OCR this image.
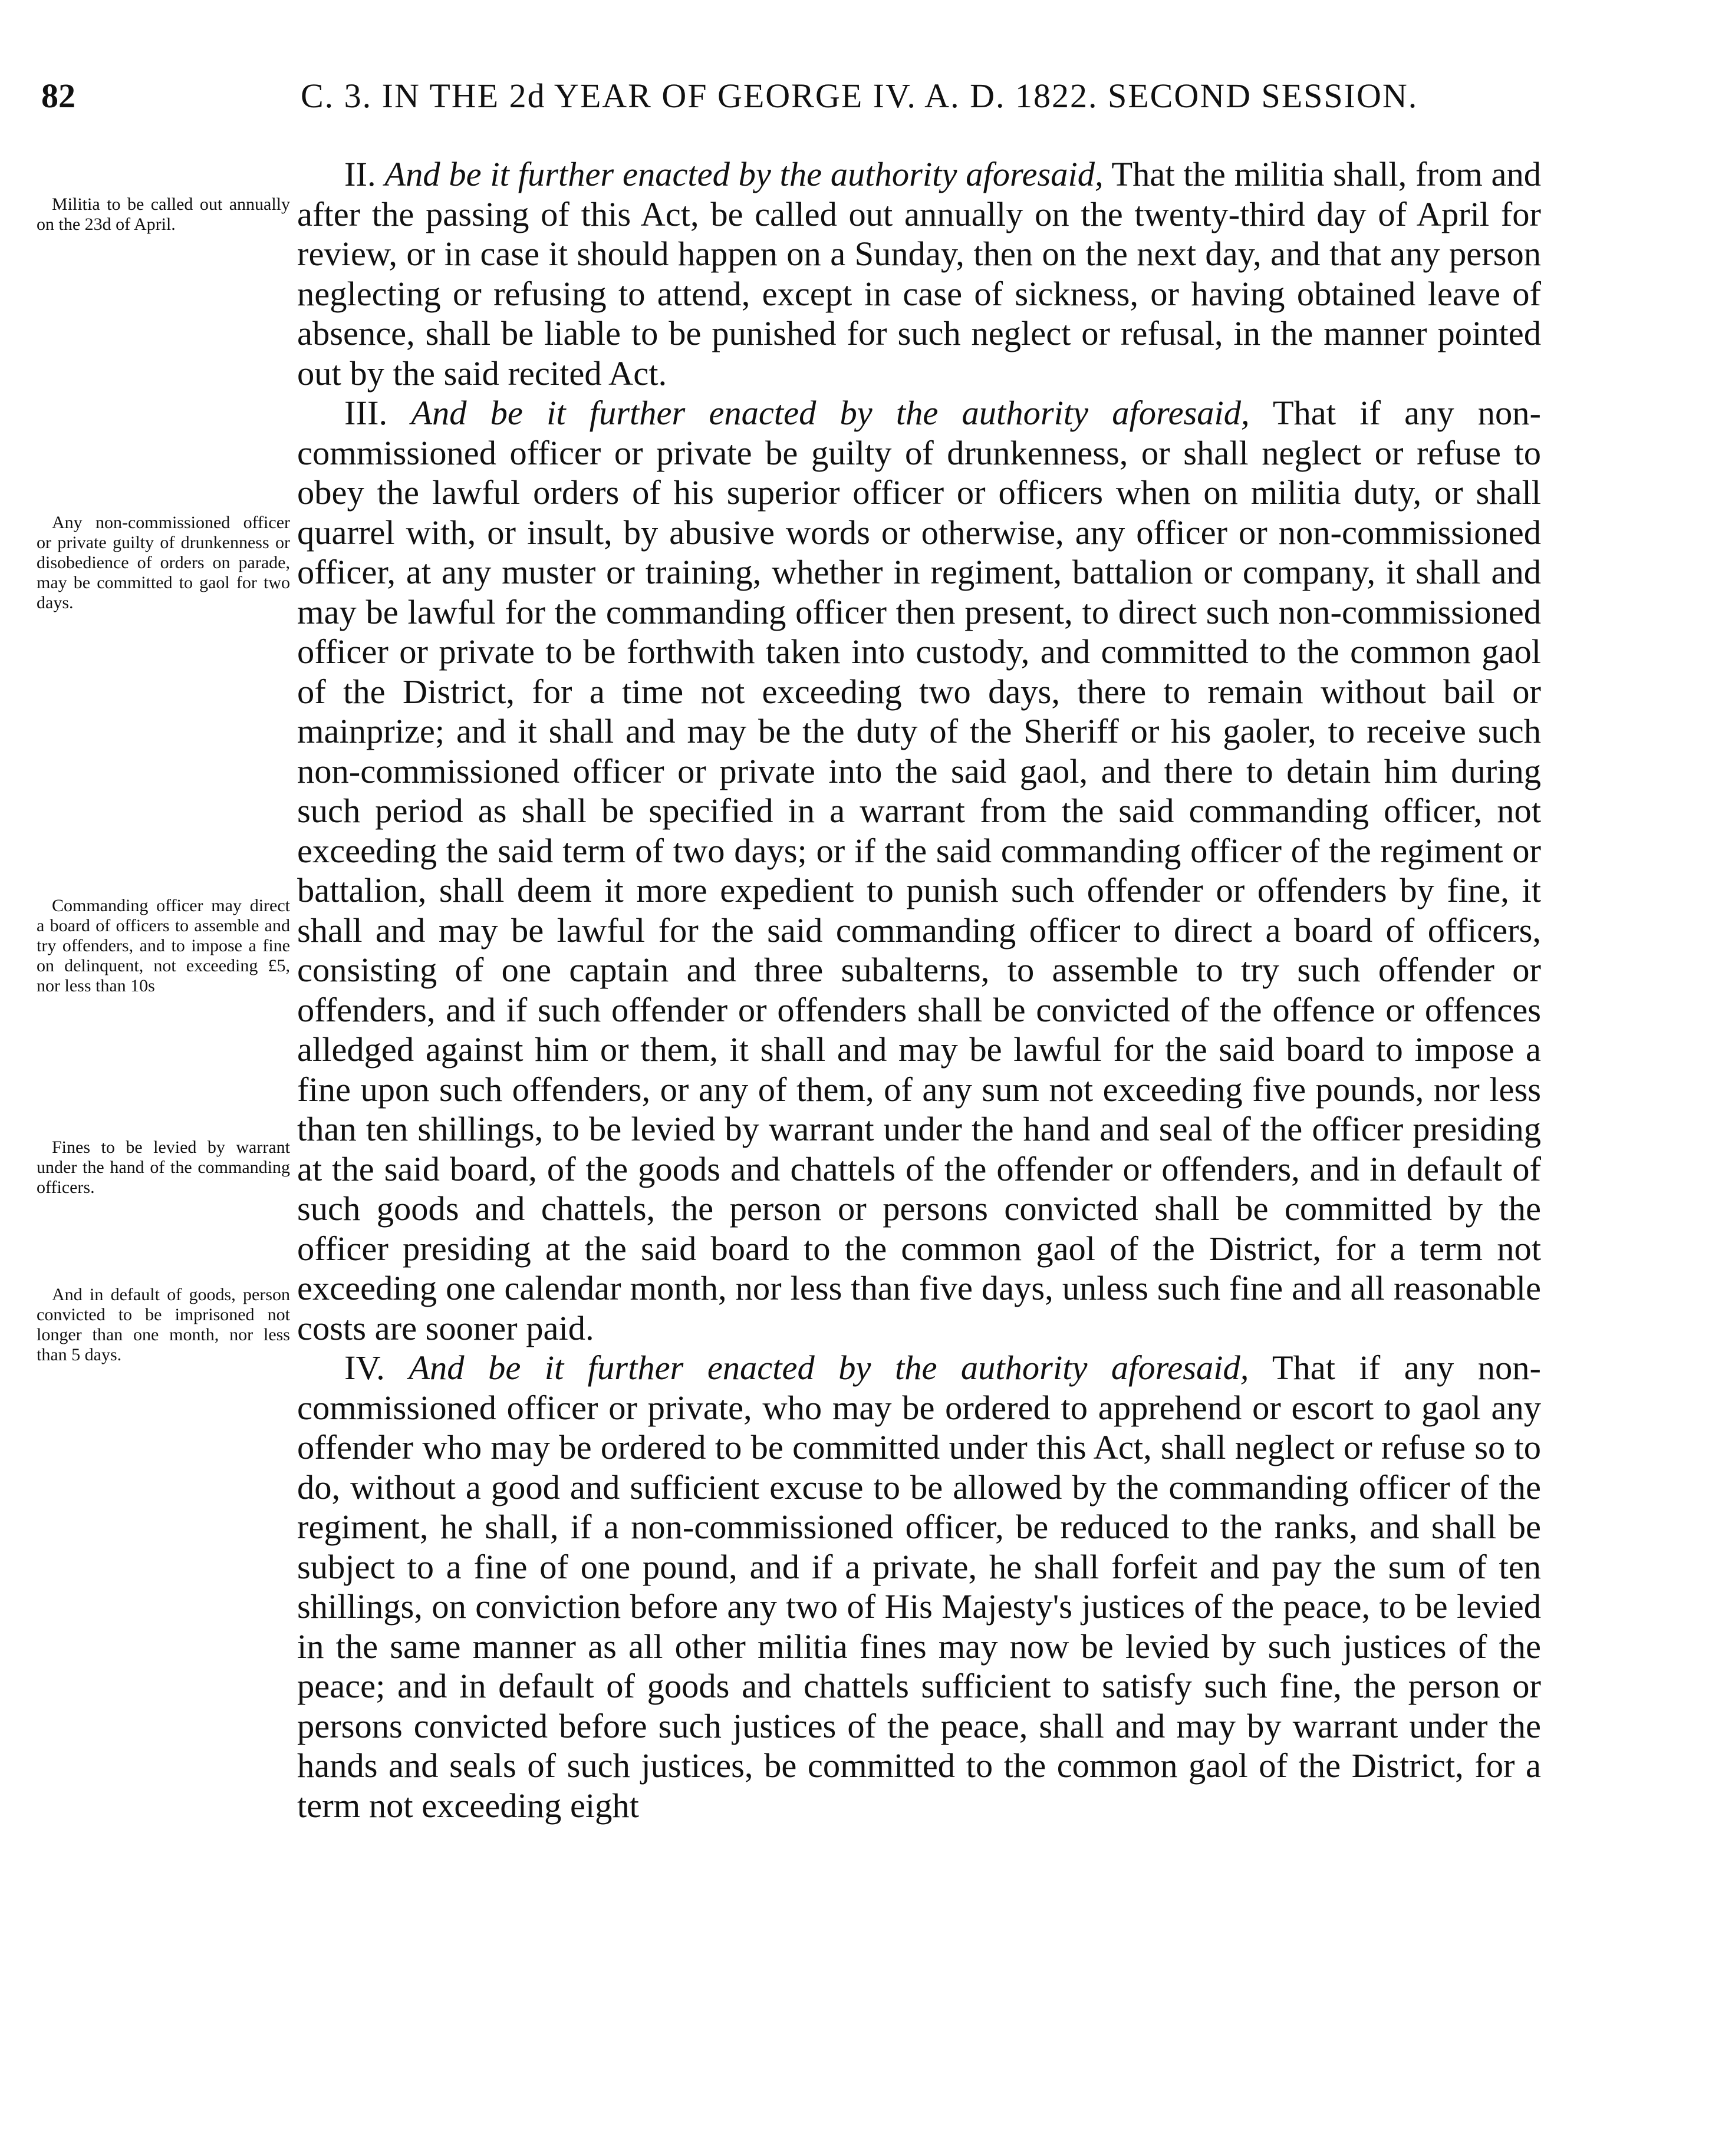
82	C. 3. IN THE 2d YEAR OF GEORGE IV. A. D. 1822. SECOND SESSION.
Militia to be called out annually on the 23d of April.
Any non-commissioned officer or private guilty of drunkenness or disobedience of orders on parade, may be committed to gaol for two days.
Commanding officer may direct a board of officers to assemble and try offenders, and to impose a fine on delinquent, not exceeding £5, nor less than 10s
Fines to be levied by warrant under the hand of the commanding officers.
And in default of goods, person convicted to be imprisoned not longer than one month, nor less than 5 days.

II. And be it further enacted by the authority aforesaid, That the militia shall, from and after the passing of this Act, be called out annually on the twenty-third day of April for review, or in case it should happen on a Sunday, then on the next day, and that any person neglecting or refusing to attend, except in case of sickness, or having obtained leave of absence, shall be liable to be punished for such neglect or refusal, in the manner pointed out by the said recited Act.

III. And be it further enacted by the authority aforesaid, That if any non-commissioned officer or private be guilty of drunkenness, or shall neglect or refuse to obey the lawful orders of his superior officer or officers when on militia duty, or shall quarrel with, or insult, by abusive words or otherwise, any officer or non-commissioned officer, at any muster or training, whether in regiment, battalion or company, it shall and may be lawful for the commanding officer then present, to direct such non-commissioned officer or private to be forthwith taken into custody, and committed to the common gaol of the District, for a time not exceeding two days, there to remain without bail or mainprize; and it shall and may be the duty of the Sheriff or his gaoler, to receive such non-commissioned officer or private into the said gaol, and there to detain him during such period as shall be specified in a warrant from the said commanding officer, not exceeding the said term of two days; or if the said commanding officer of the regiment or battalion, shall deem it more expedient to punish such offender or offenders by fine, it shall and may be lawful for the said commanding officer to direct a board of officers, consisting of one captain and three subalterns, to assemble to try such offender or offenders, and if such offender or offenders shall be convicted of the offence or offences alledged against him or them, it shall and may be lawful for the said board to impose a fine upon such offenders, or any of them, of any sum not exceeding five pounds, nor less than ten shillings, to be levied by warrant under the hand and seal of the officer presiding at the said board, of the goods and chattels of the offender or offenders, and in default of such goods and chattels, the person or persons convicted shall be committed by the officer presiding at the said board to the common gaol of the District, for a term not exceeding one calendar month, nor less than five days, unless such fine and all reasonable costs are sooner paid.

IV. And be it further enacted by the authority aforesaid, That if any non-commissioned officer or private, who may be ordered to apprehend or escort to gaol any offender who may be ordered to be committed under this Act, shall neglect or refuse so to do, without a good and sufficient excuse to be allowed by the commanding officer of the regiment, he shall, if a non-commissioned officer, be reduced to the ranks, and shall be subject to a fine of one pound, and if a private, he shall forfeit and pay the sum of ten shillings, on conviction before any two of His Majesty's justices of the peace, to be levied in the same manner as all other militia fines may now be levied by such justices of the peace; and in default of goods and chattels sufficient to satisfy such fine, the person or persons convicted before such justices of the peace, shall and may by warrant under the hands and seals of such justices, be committed to the common gaol of the District, for a term not exceeding eight
